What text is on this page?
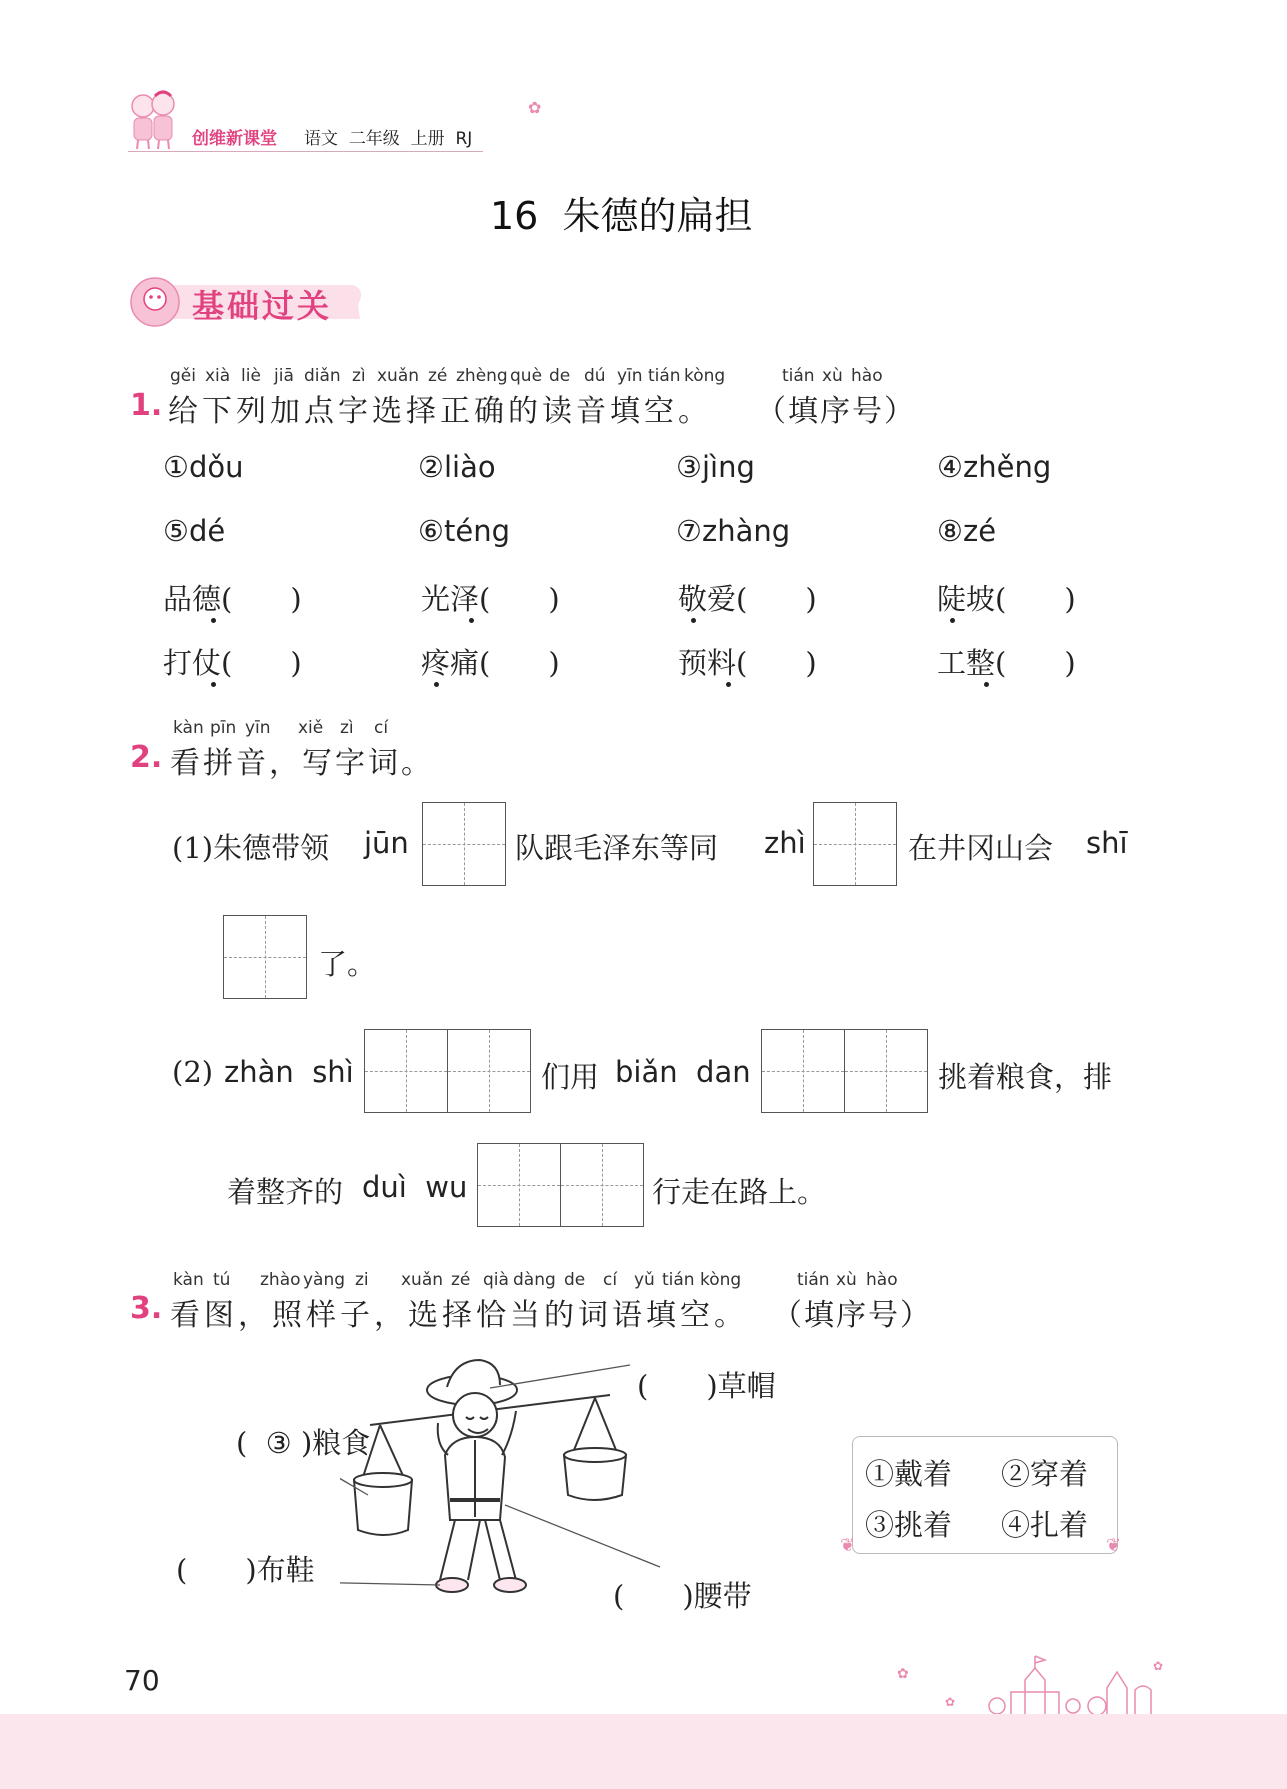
创维新课堂 语文 二年级 上册 RJ
✿
16  朱德的扁担
基础过关
gěi xià liè jiā diǎn zì xuǎn zé zhèng què de dú yīn tián kòng	tián xù hào
1. 给下列加点字选择正确的读音填空。 （填序号）
①dǒu	②liào	③jìng	④zhěng
⑤dé	⑥téng	⑦zhàng	⑧zé
品德(　　)	光泽(　　)	敬爱(　　)	陡坡(　　)
打仗(　　)	疼痛(　　)	预料(　　)	工整(　　)
kàn pīn yīn xiě zì cí
2. 看拼音，写字词。
(1)朱德带领 jūn	队跟毛泽东等同 zhì	在井冈山会 shī
了。
(2) zhàn  shì	们用 biǎn  dan	挑着粮食，排
着整齐的 duì  wu	行走在路上。
kàn tú zhào yàng zi xuǎn zé qià dàng de cí yǔ tián kòng	tián xù hào
3. 看图，照样子，选择恰当的词语填空。 （填序号）
(　　)草帽
( ③ )粮食
(　　)布鞋
(　　)腰带
①戴着 ②穿着
③挑着 ④扎着
❦	❦
70	✿
✿
✿
